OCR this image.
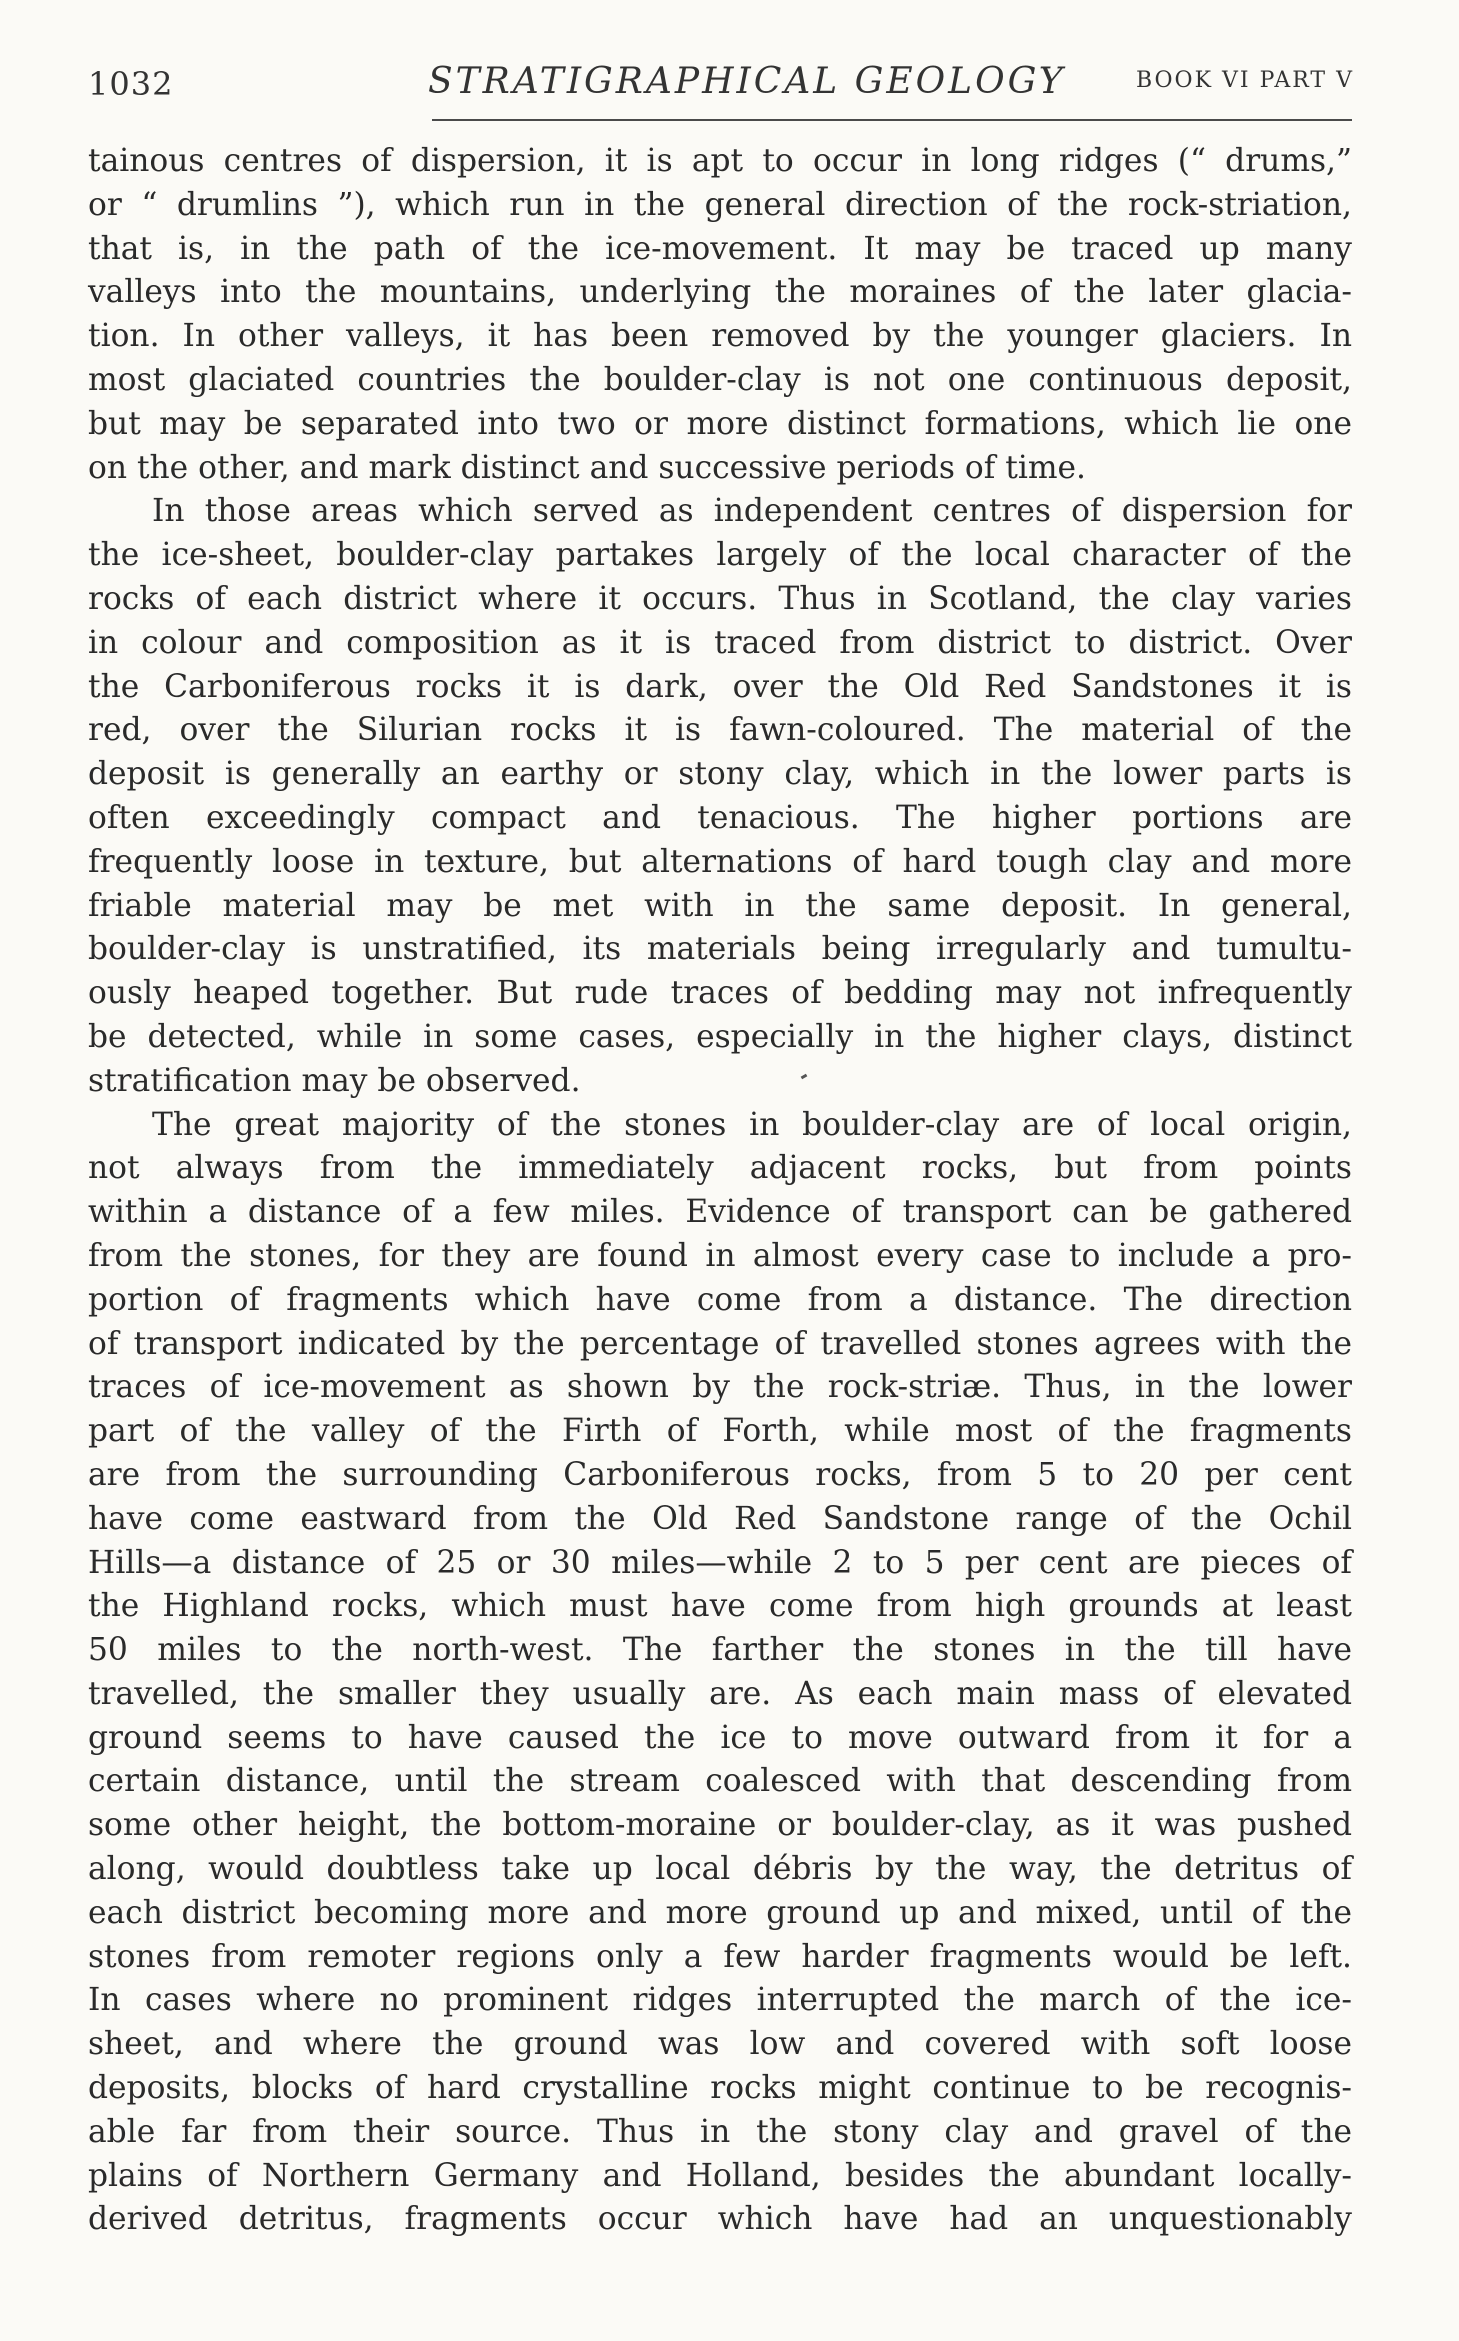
1032	STRATIGRAPHICAL GEOLOGY	BOOK VI PART V

tainous centres of dispersion, it is apt to occur in long ridges (“ drums,”

or “ drumlins ”), which run in the general direction of the rock-striation,

that is, in the path of the ice-movement. It may be traced up many

valleys into the mountains, underlying the moraines of the later glacia-

tion. In other valleys, it has been removed by the younger glaciers. In

most glaciated countries the boulder-clay is not one continuous deposit,

but may be separated into two or more distinct formations, which lie one

on the other, and mark distinct and successive periods of time.

In those areas which served as independent centres of dispersion for

the ice-sheet, boulder-clay partakes largely of the local character of the

rocks of each district where it occurs. Thus in Scotland, the clay varies

in colour and composition as it is traced from district to district. Over

the Carboniferous rocks it is dark, over the Old Red Sandstones it is

red, over the Silurian rocks it is fawn-coloured. The material of the

deposit is generally an earthy or stony clay, which in the lower parts is

often exceedingly compact and tenacious. The higher portions are

frequently loose in texture, but alternations of hard tough clay and more

friable material may be met with in the same deposit. In general,

boulder-clay is unstratified, its materials being irregularly and tumultu-

ously heaped together. But rude traces of bedding may not infrequently

be detected, while in some cases, especially in the higher clays, distinct

stratification may be observed.

The great majority of the stones in boulder-clay are of local origin,

not always from the immediately adjacent rocks, but from points

within a distance of a few miles. Evidence of transport can be gathered

from the stones, for they are found in almost every case to include a pro-

portion of fragments which have come from a distance. The direction

of transport indicated by the percentage of travelled stones agrees with the

traces of ice-movement as shown by the rock-striæ. Thus, in the lower

part of the valley of the Firth of Forth, while most of the fragments

are from the surrounding Carboniferous rocks, from 5 to 20 per cent

have come eastward from the Old Red Sandstone range of the Ochil

Hills—a distance of 25 or 30 miles—while 2 to 5 per cent are pieces of

the Highland rocks, which must have come from high grounds at least

50 miles to the north-west. The farther the stones in the till have

travelled, the smaller they usually are. As each main mass of elevated

ground seems to have caused the ice to move outward from it for a

certain distance, until the stream coalesced with that descending from

some other height, the bottom-moraine or boulder-clay, as it was pushed

along, would doubtless take up local débris by the way, the detritus of

each district becoming more and more ground up and mixed, until of the

stones from remoter regions only a few harder fragments would be left.

In cases where no prominent ridges interrupted the march of the ice-

sheet, and where the ground was low and covered with soft loose

deposits, blocks of hard crystalline rocks might continue to be recognis-

able far from their source. Thus in the stony clay and gravel of the

plains of Northern Germany and Holland, besides the abundant locally-

derived detritus, fragments occur which have had an unquestionably
